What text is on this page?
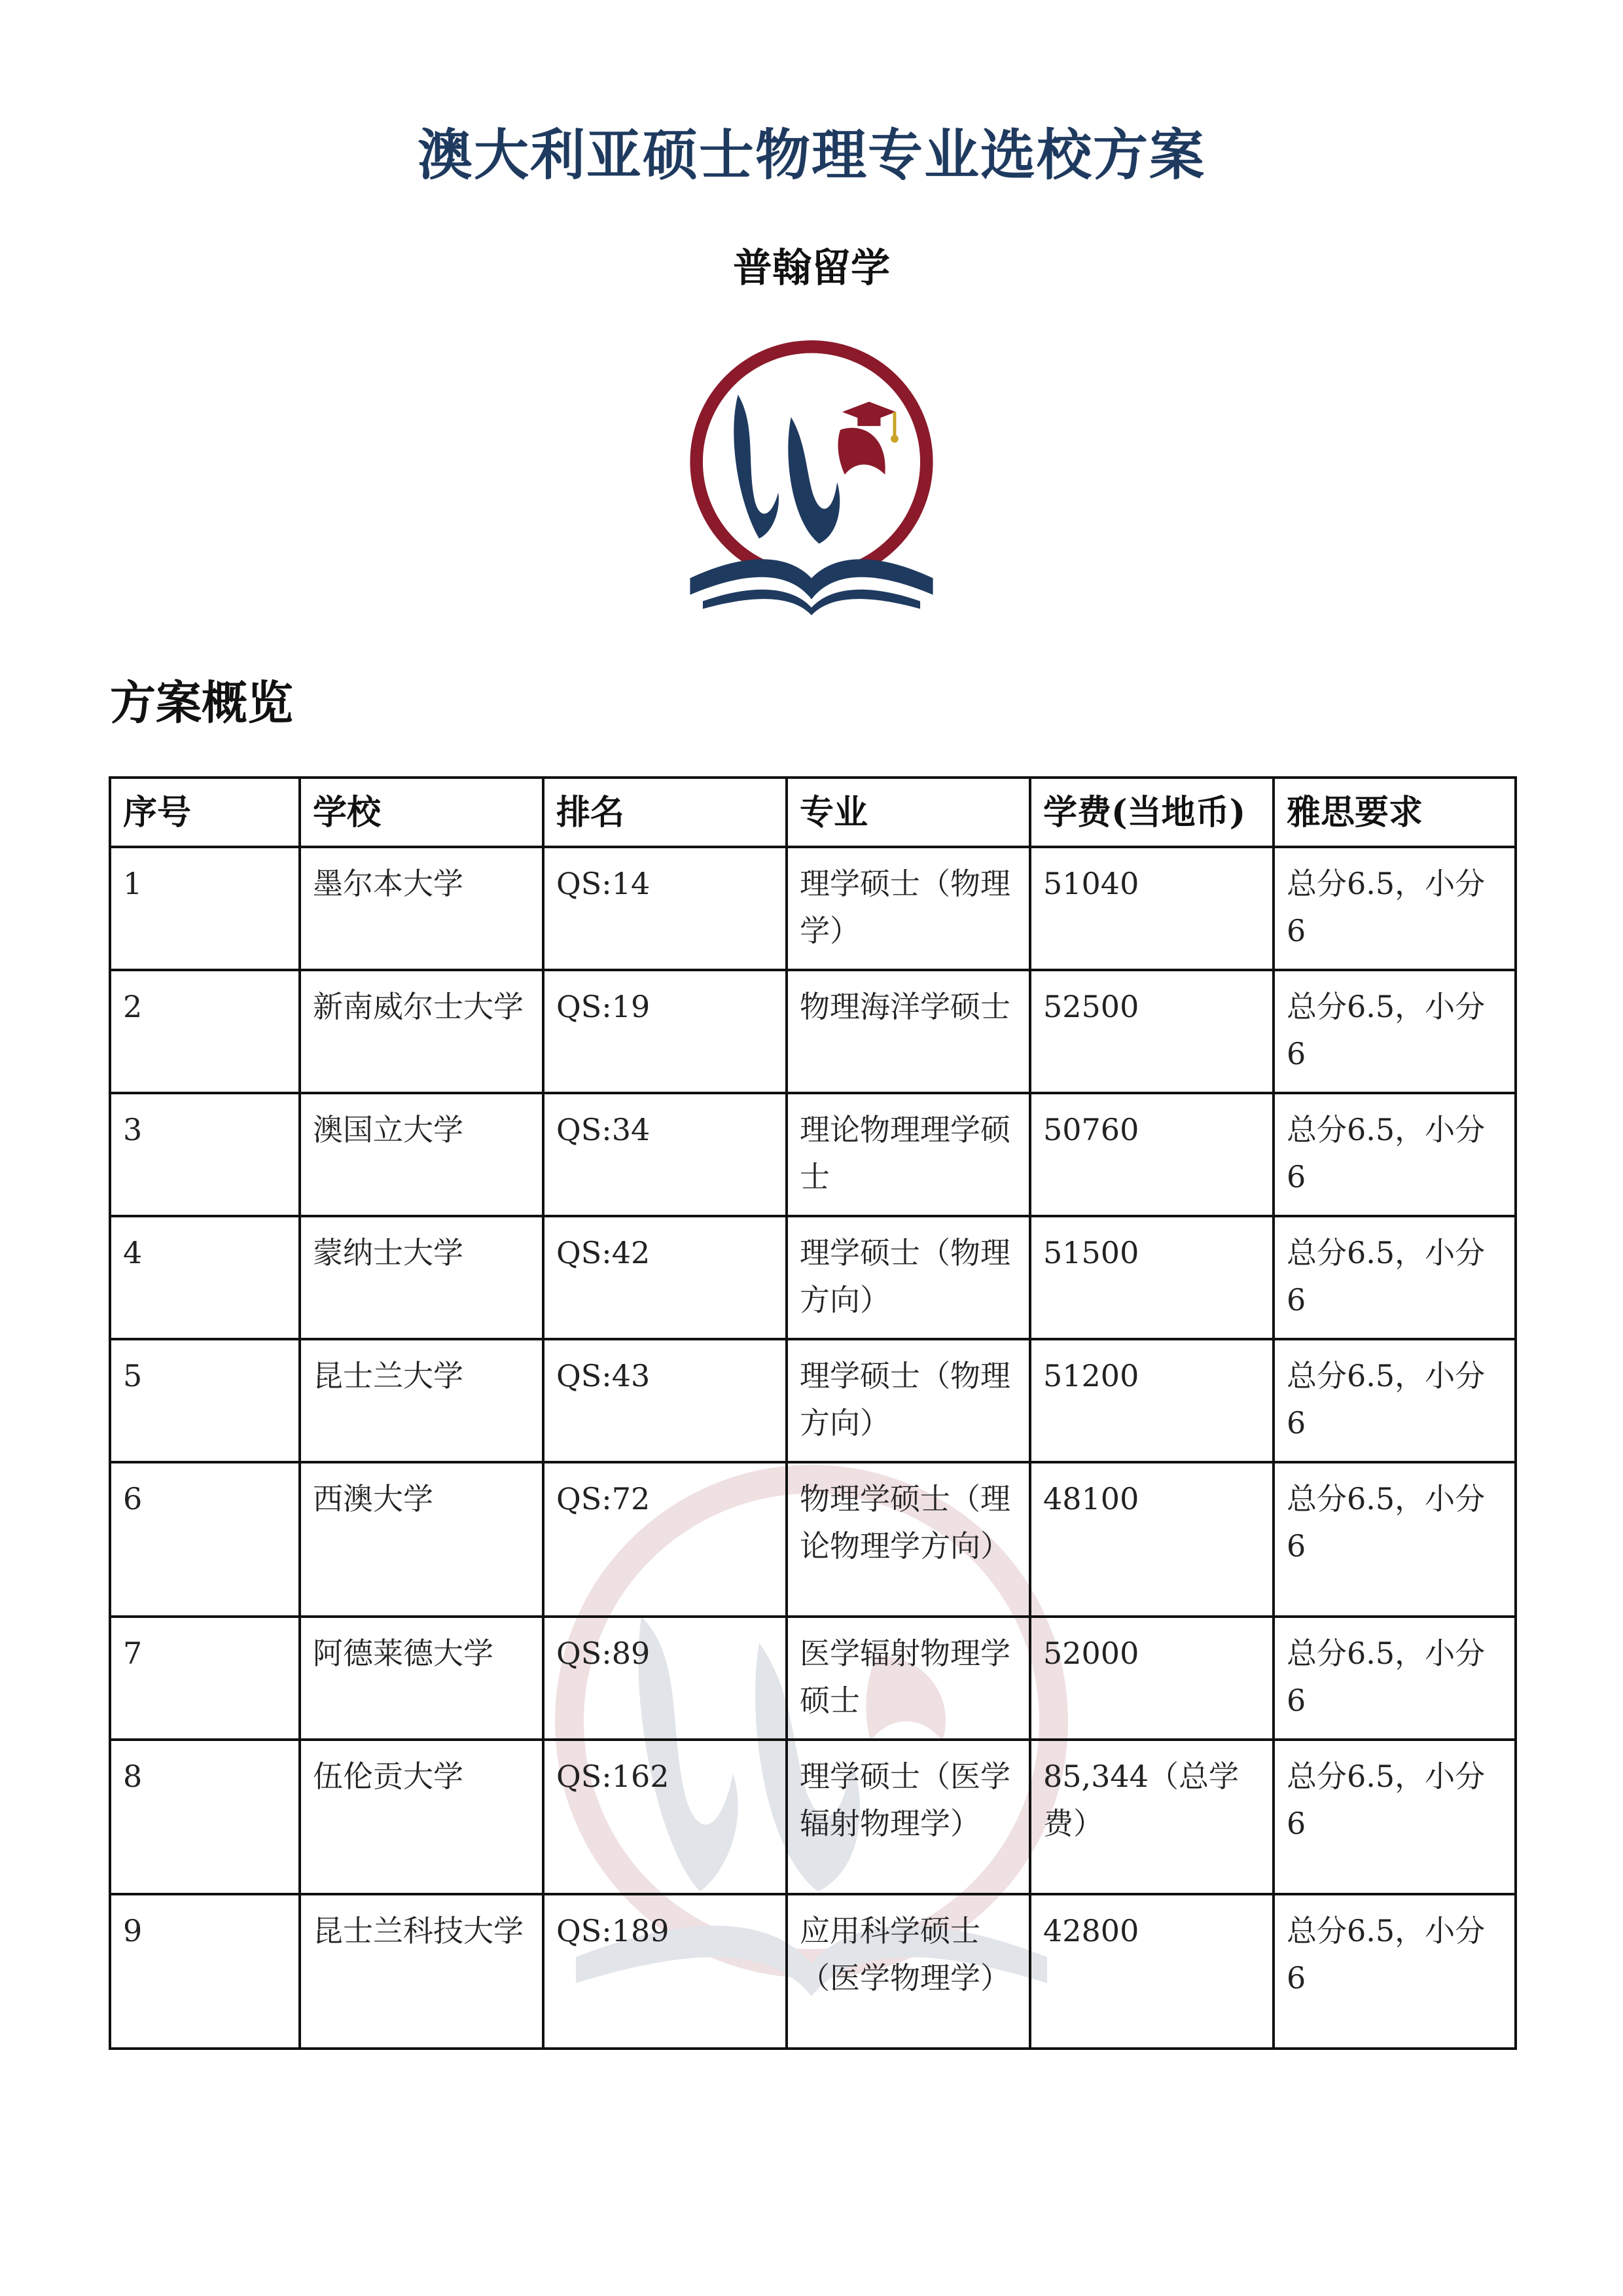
澳大利亚硕士物理专业选校方案
普翰留学
方案概览
序号	学校	排名	专业	学费(当地币)	雅思要求
1	墨尔本大学	QS:14	理学硕士（物理学）	51040	总分6.5，小分6
2	新南威尔士大学	QS:19	物理海洋学硕士	52500	总分6.5，小分6
3	澳国立大学	QS:34	理论物理理学硕士	50760	总分6.5，小分6
4	蒙纳士大学	QS:42	理学硕士（物理方向）	51500	总分6.5，小分6
5	昆士兰大学	QS:43	理学硕士（物理方向）	51200	总分6.5，小分6
6	西澳大学	QS:72	物理学硕士（理论物理学方向）	48100	总分6.5，小分6
7	阿德莱德大学	QS:89	医学辐射物理学硕士	52000	总分6.5，小分6
8	伍伦贡大学	QS:162	理学硕士（医学辐射物理学）	85,344（总学费）	总分6.5，小分6
9	昆士兰科技大学	QS:189	应用科学硕士（医学物理学）	42800	总分6.5，小分6
